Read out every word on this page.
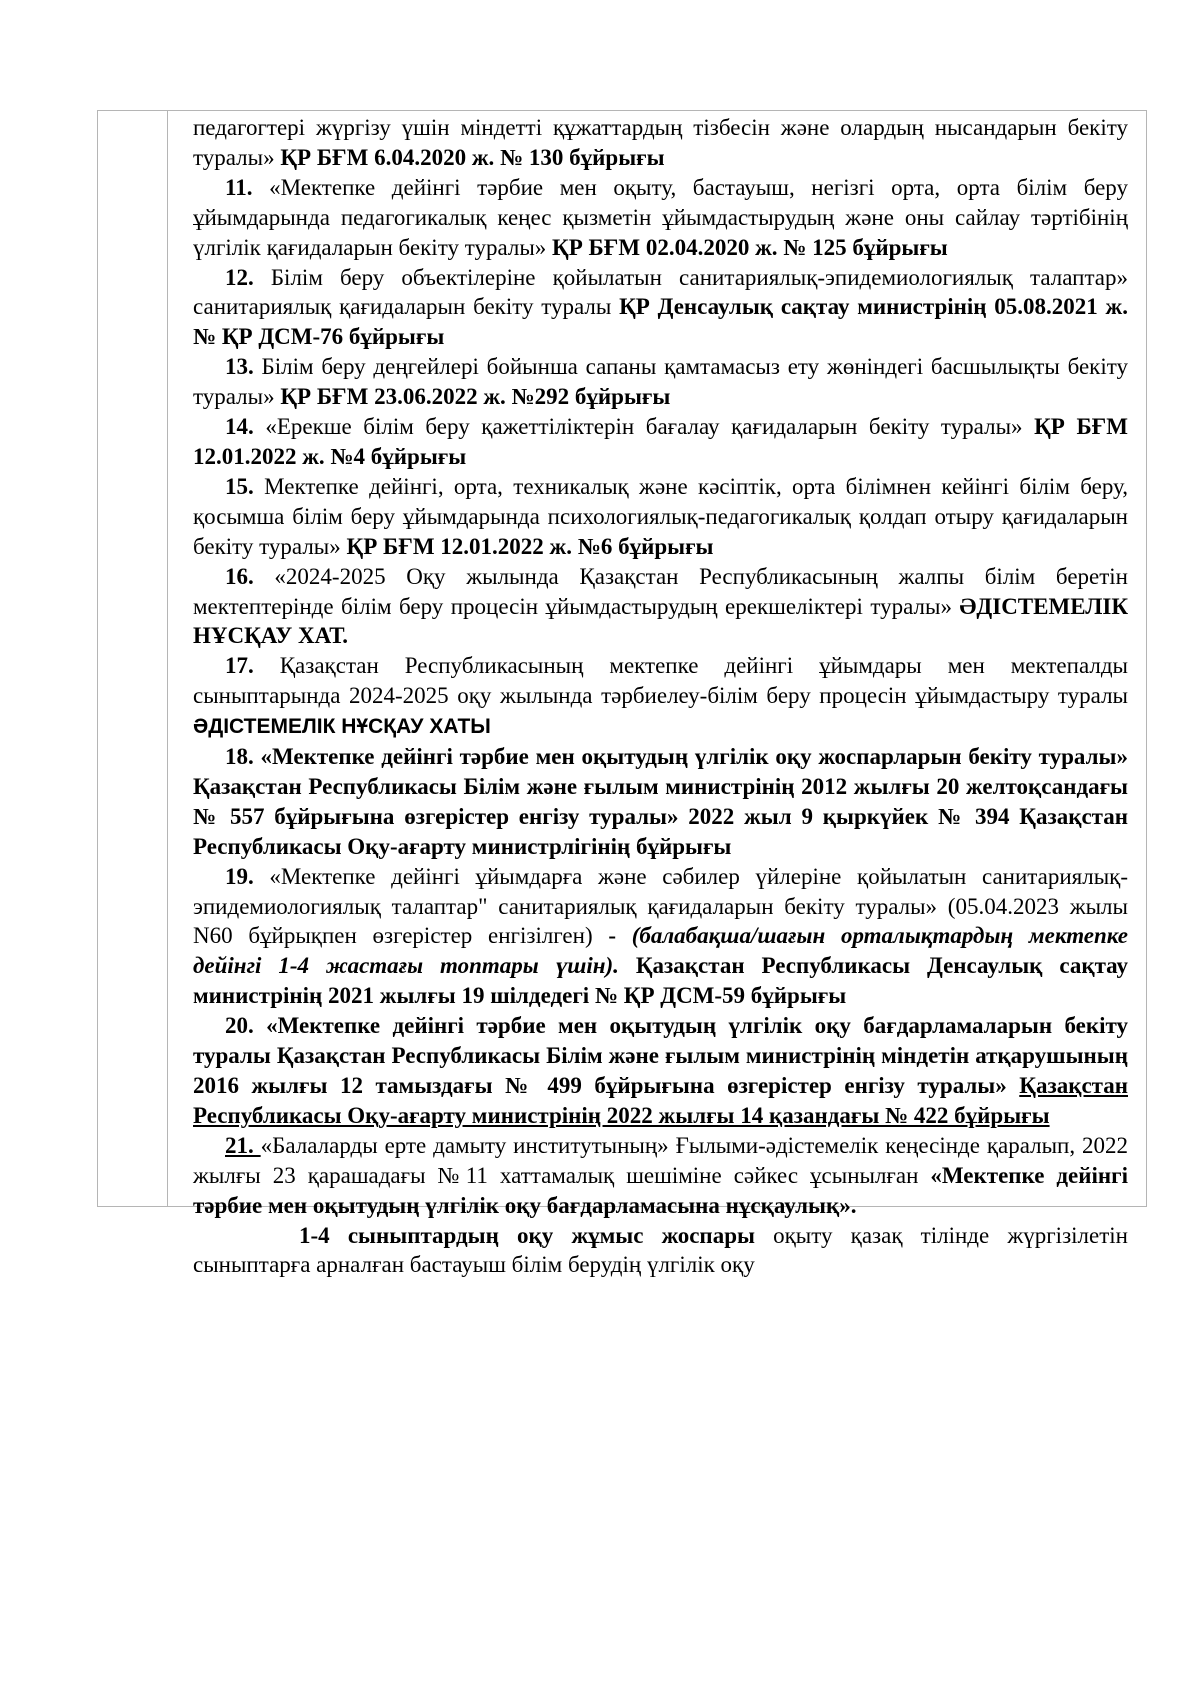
педагогтері жүргізу үшін міндетті құжаттардың тізбесін және олардың нысандарын бекіту туралы» ҚР БҒМ 6.04.2020 ж. № 130 бұйрығы

11. «Мектепке дейінгі тәрбие мен оқыту, бастауыш, негізгі орта, орта білім беру ұйымдарында педагогикалық кеңес қызметін ұйымдастырудың және оны сайлау тәртібінің үлгілік қағидаларын бекіту туралы» ҚР БҒМ 02.04.2020 ж. № 125 бұйрығы

12. Білім беру объектілеріне қойылатын санитариялық-эпидемиологиялық талаптар» санитариялық қағидаларын бекіту туралы ҚР Денсаулық сақтау министрінің 05.08.2021 ж. № ҚР ДСМ-76 бұйрығы

13. Білім беру деңгейлері бойынша сапаны қамтамасыз ету жөніндегі басшылықты бекіту туралы» ҚР БҒМ 23.06.2022 ж. №292 бұйрығы

14. «Ерекше білім беру қажеттіліктерін бағалау қағидаларын бекіту туралы» ҚР БҒМ 12.01.2022 ж. №4 бұйрығы

15. Мектепке дейінгі, орта, техникалық және кәсіптік, орта білімнен кейінгі білім беру, қосымша білім беру ұйымдарында психологиялық-педагогикалық қолдап отыру қағидаларын бекіту туралы» ҚР БҒМ 12.01.2022 ж. №6 бұйрығы

16. «2024-2025 Оқу жылында Қазақстан Республикасының жалпы білім беретін мектептерінде білім беру процесін ұйымдастырудың ерекшеліктері туралы» ӘДІСТЕМЕЛІК НҰСҚАУ ХАТ.

17. Қазақстан Республикасының мектепке дейінгі ұйымдары мен мектепалды сыныптарында 2024-2025 оқу жылында тәрбиелеу-білім беру процесін ұйымдастыру туралы ӘДІСТЕМЕЛІК НҰСҚАУ ХАТЫ

18. «Мектепке дейінгі тәрбие мен оқытудың үлгілік оқу жоспарларын бекіту туралы» Қазақстан Республикасы Білім және ғылым министрінің 2012 жылғы 20 желтоқсандағы № 557 бұйрығына өзгерістер енгізу туралы» 2022 жыл 9 қыркүйек № 394 Қазақстан Республикасы Оқу-ағарту министрлігінің бұйрығы

19. «Мектепке дейінгі ұйымдарға және сәбилер үйлеріне қойылатын санитариялық-эпидемиологиялық талаптар" санитариялық қағидаларын бекіту туралы» (05.04.2023 жылы N60 бұйрықпен өзгерістер енгізілген) - (балабақша/шағын орталықтардың мектепке дейінгі 1-4 жастағы топтары үшін). Қазақстан Республикасы Денсаулық сақтау министрінің 2021 жылғы 19 шілдедегі № ҚР ДСМ-59 бұйрығы

20. «Мектепке дейінгі тәрбие мен оқытудың үлгілік оқу бағдарламаларын бекіту туралы Қазақстан Республикасы Білім және ғылым министрінің міндетін атқарушының 2016 жылғы 12 тамыздағы № 499 бұйрығына өзгерістер енгізу туралы» Қазақстан Республикасы Оқу-ағарту министрінің 2022 жылғы 14 қазандағы № 422 бұйрығы

21. «Балаларды ерте дамыту институтының» Ғылыми-әдістемелік кеңесінде қаралып, 2022 жылғы 23 қарашадағы №11 хаттамалық шешіміне сәйкес ұсынылған «Мектепке дейінгі тәрбие мен оқытудың үлгілік оқу бағдарламасына нұсқаулық».

1-4 сыныптардың оқу жұмыс жоспары оқыту қазақ тілінде жүргізілетін сыныптарға арналған бастауыш білім берудің үлгілік оқу
